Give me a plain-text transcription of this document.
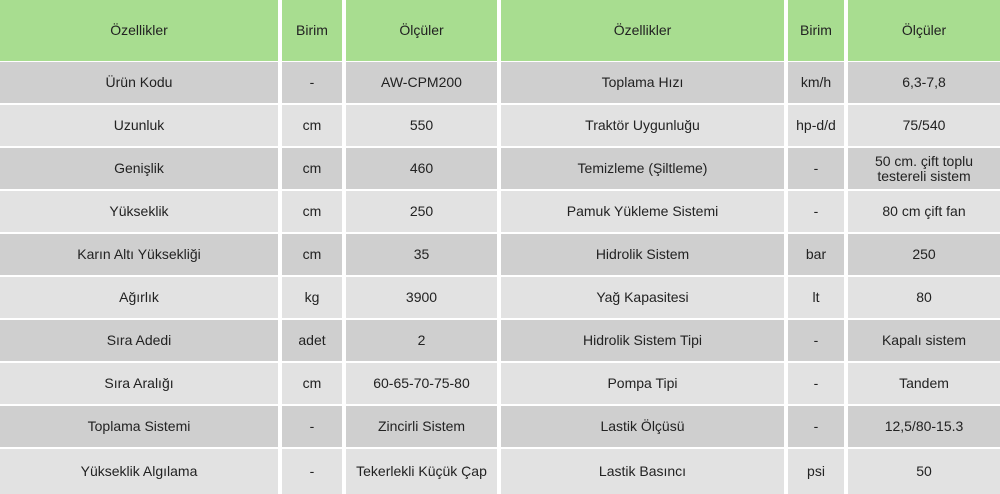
Özellikler	Birim	Ölçüler	Özellikler	Birim	Ölçüler
Ürün Kodu	-	AW-CPM200	Toplama Hızı	km/h	6,3-7,8
Uzunluk	cm	550	Traktör Uygunluğu	hp-d/d	75/540
Genişlik	cm	460	Temizleme (Şiltleme)	-	50 cm. çift toplu testereli sistem
Yükseklik	cm	250	Pamuk Yükleme Sistemi	-	80 cm çift fan
Karın Altı Yüksekliği	cm	35	Hidrolik Sistem	bar	250
Ağırlık	kg	3900	Yağ Kapasitesi	lt	80
Sıra Adedi	adet	2	Hidrolik Sistem Tipi	-	Kapalı sistem
Sıra Aralığı	cm	60-65-70-75-80	Pompa Tipi	-	Tandem
Toplama Sistemi	-	Zincirli Sistem	Lastik Ölçüsü	-	12,5/80-15.3
Yükseklik Algılama	-	Tekerlekli Küçük Çap	Lastik Basıncı	psi	50
